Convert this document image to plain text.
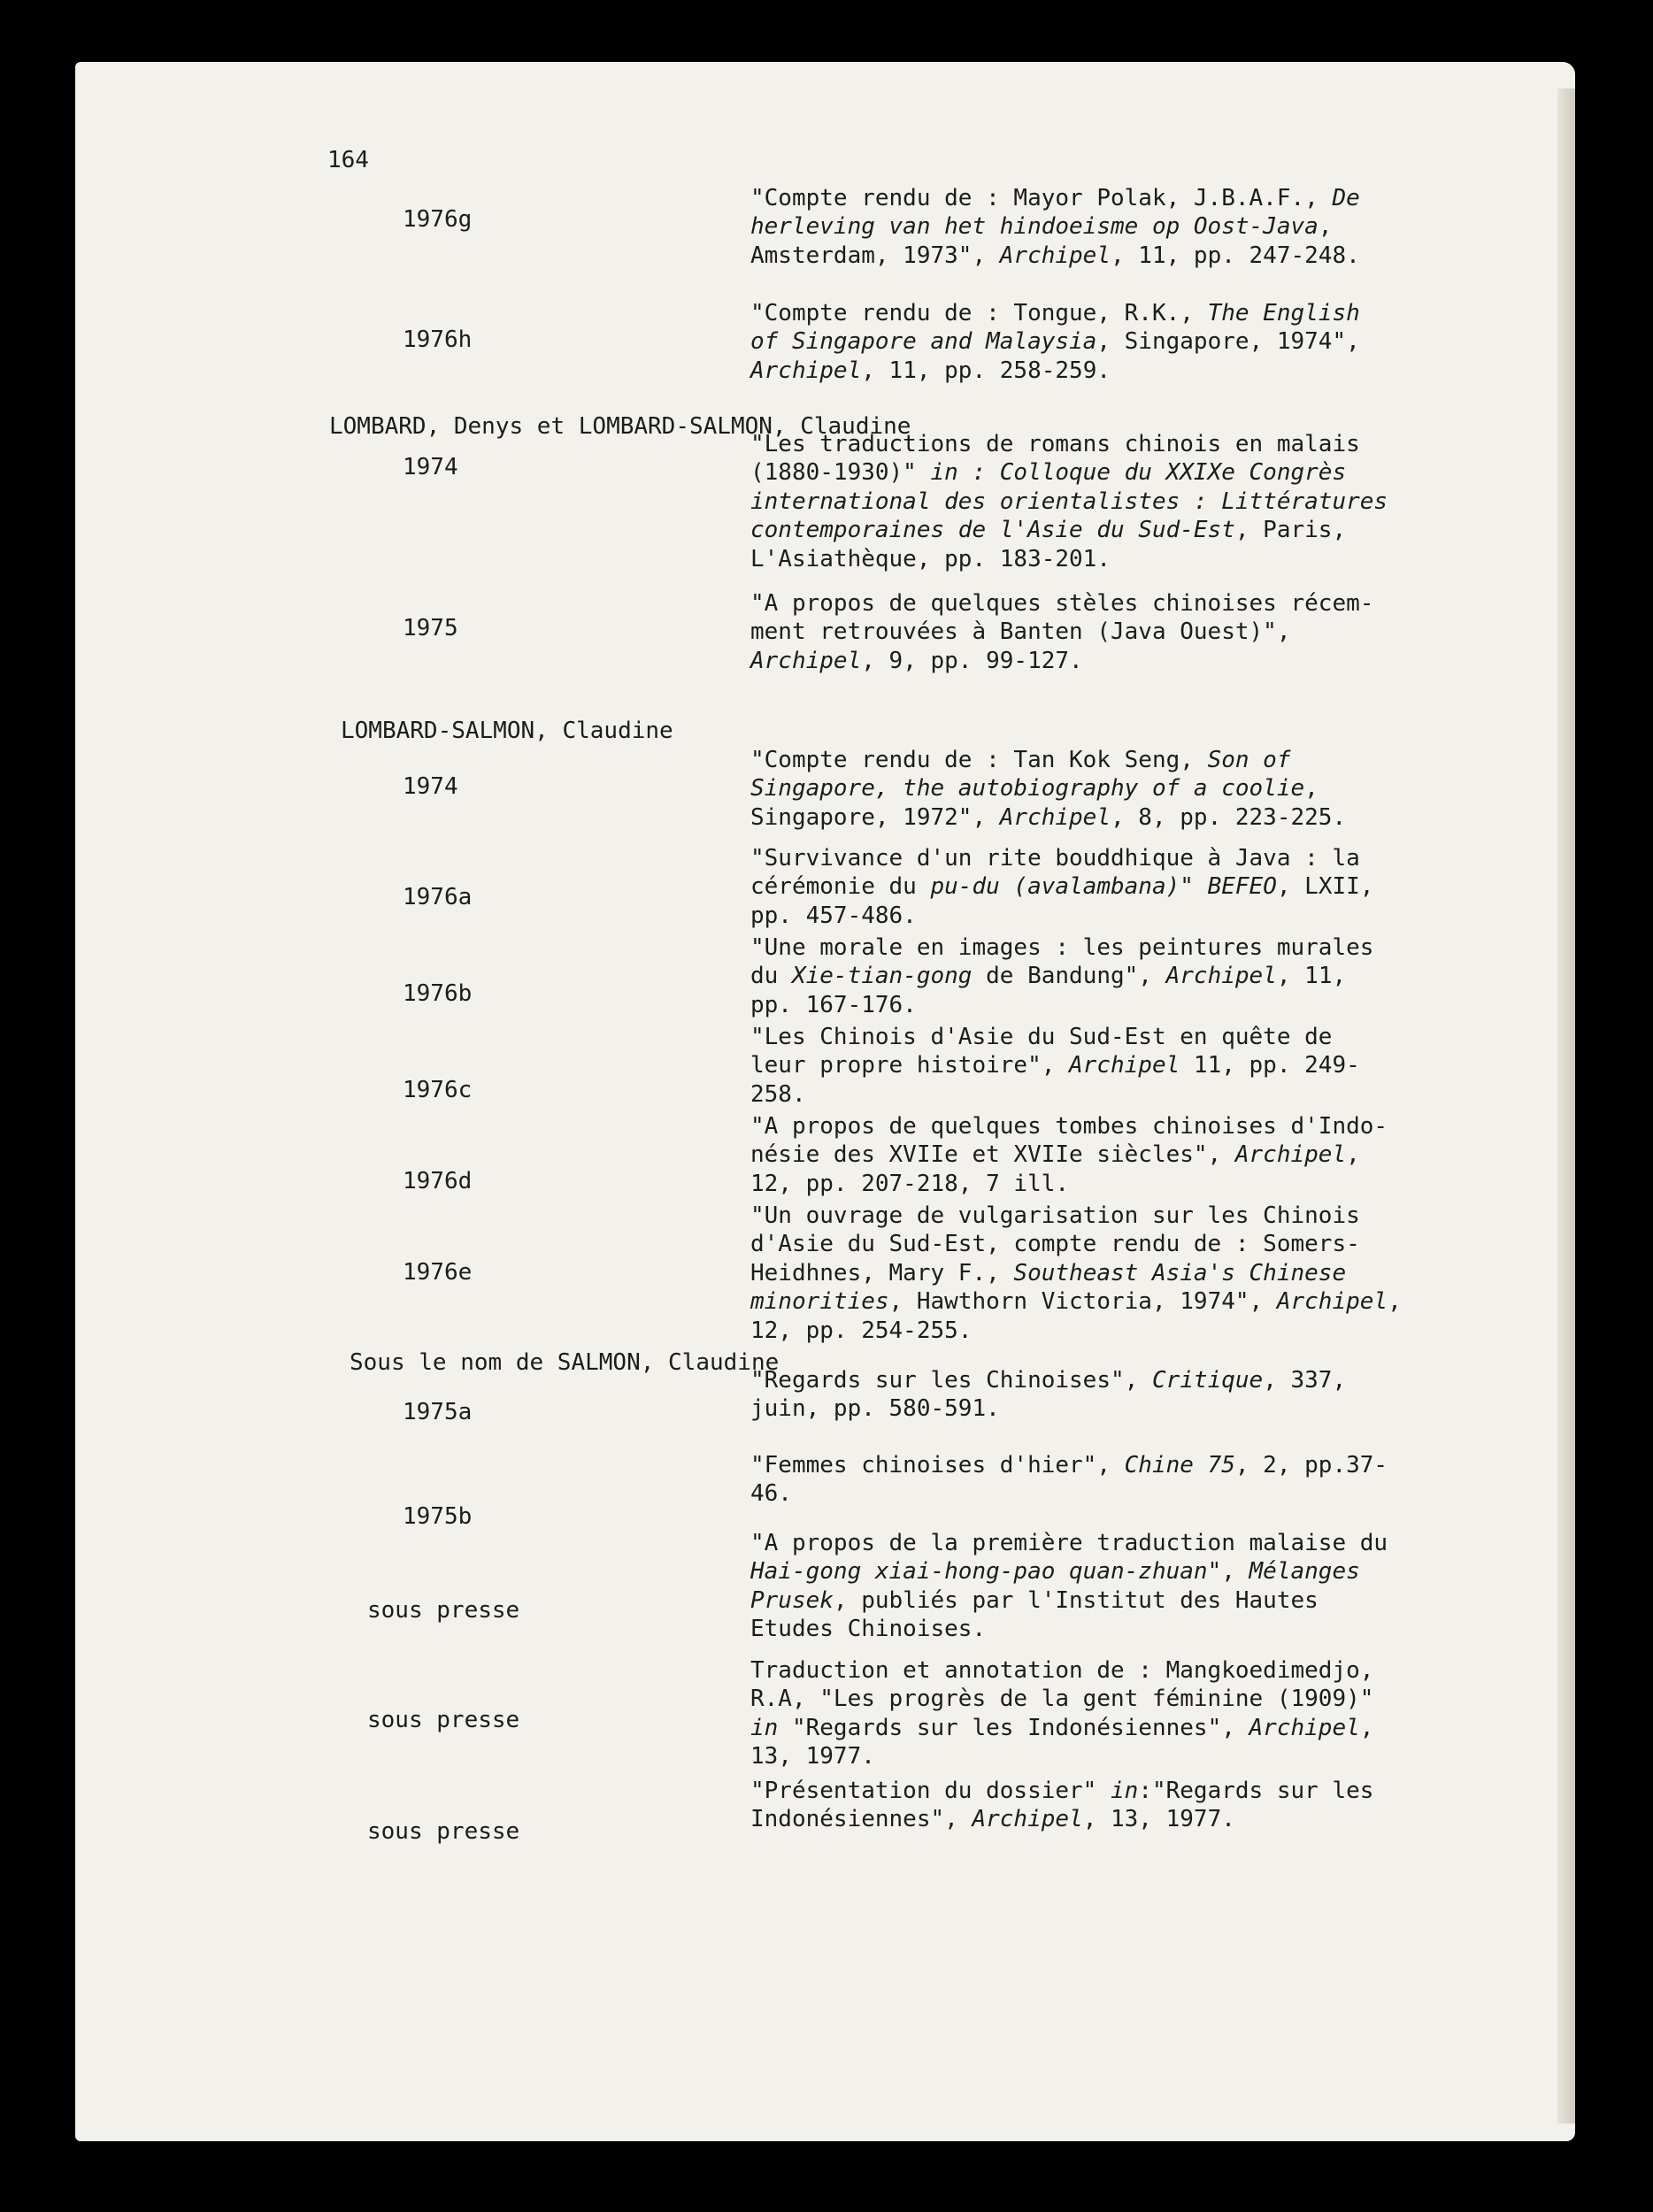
164
1976g
"Compte rendu de : Mayor Polak, J.B.A.F., De
herleving van het hindoeisme op Oost-Java,
Amsterdam, 1973", Archipel, 11, pp. 247-248.
1976h
"Compte rendu de : Tongue, R.K., The English
of Singapore and Malaysia, Singapore, 1974",
Archipel, 11, pp. 258-259.
LOMBARD, Denys et LOMBARD-SALMON, Claudine
1974
"Les traductions de romans chinois en malais
(1880-1930)" in : Colloque du XXIXe Congrès
international des orientalistes : Littératures
contemporaines de l'Asie du Sud-Est, Paris,
L'Asiathèque, pp. 183-201.
1975
"A propos de quelques stèles chinoises récem-
ment retrouvées à Banten (Java Ouest)",
Archipel, 9, pp. 99-127.
LOMBARD-SALMON, Claudine
1974
"Compte rendu de : Tan Kok Seng, Son of
Singapore, the autobiography of a coolie,
Singapore, 1972", Archipel, 8, pp. 223-225.
1976a
"Survivance d'un rite bouddhique à Java : la
cérémonie du pu-du (avalambana)" BEFEO, LXII,
pp. 457-486.
1976b
"Une morale en images : les peintures murales
du Xie-tian-gong de Bandung", Archipel, 11,
pp. 167-176.
1976c
"Les Chinois d'Asie du Sud-Est en quête de
leur propre histoire", Archipel 11, pp. 249-
258.
1976d
"A propos de quelques tombes chinoises d'Indo-
nésie des XVIIe et XVIIe siècles", Archipel,
12, pp. 207-218, 7 ill.
1976e
"Un ouvrage de vulgarisation sur les Chinois
d'Asie du Sud-Est, compte rendu de : Somers-
Heidhnes, Mary F., Southeast Asia's Chinese
minorities, Hawthorn Victoria, 1974", Archipel,
12, pp. 254-255.
Sous le nom de SALMON, Claudine
1975a
"Regards sur les Chinoises", Critique, 337,
juin, pp. 580-591.
1975b
"Femmes chinoises d'hier", Chine 75, 2, pp.37-
46.
sous presse
"A propos de la première traduction malaise du
Hai-gong xiai-hong-pao quan-zhuan", Mélanges
Prusek, publiés par l'Institut des Hautes
Etudes Chinoises.
sous presse
Traduction et annotation de : Mangkoedimedjo,
R.A, "Les progrès de la gent féminine (1909)"
in "Regards sur les Indonésiennes", Archipel,
13, 1977.
sous presse
"Présentation du dossier" in:"Regards sur les
Indonésiennes", Archipel, 13, 1977.
